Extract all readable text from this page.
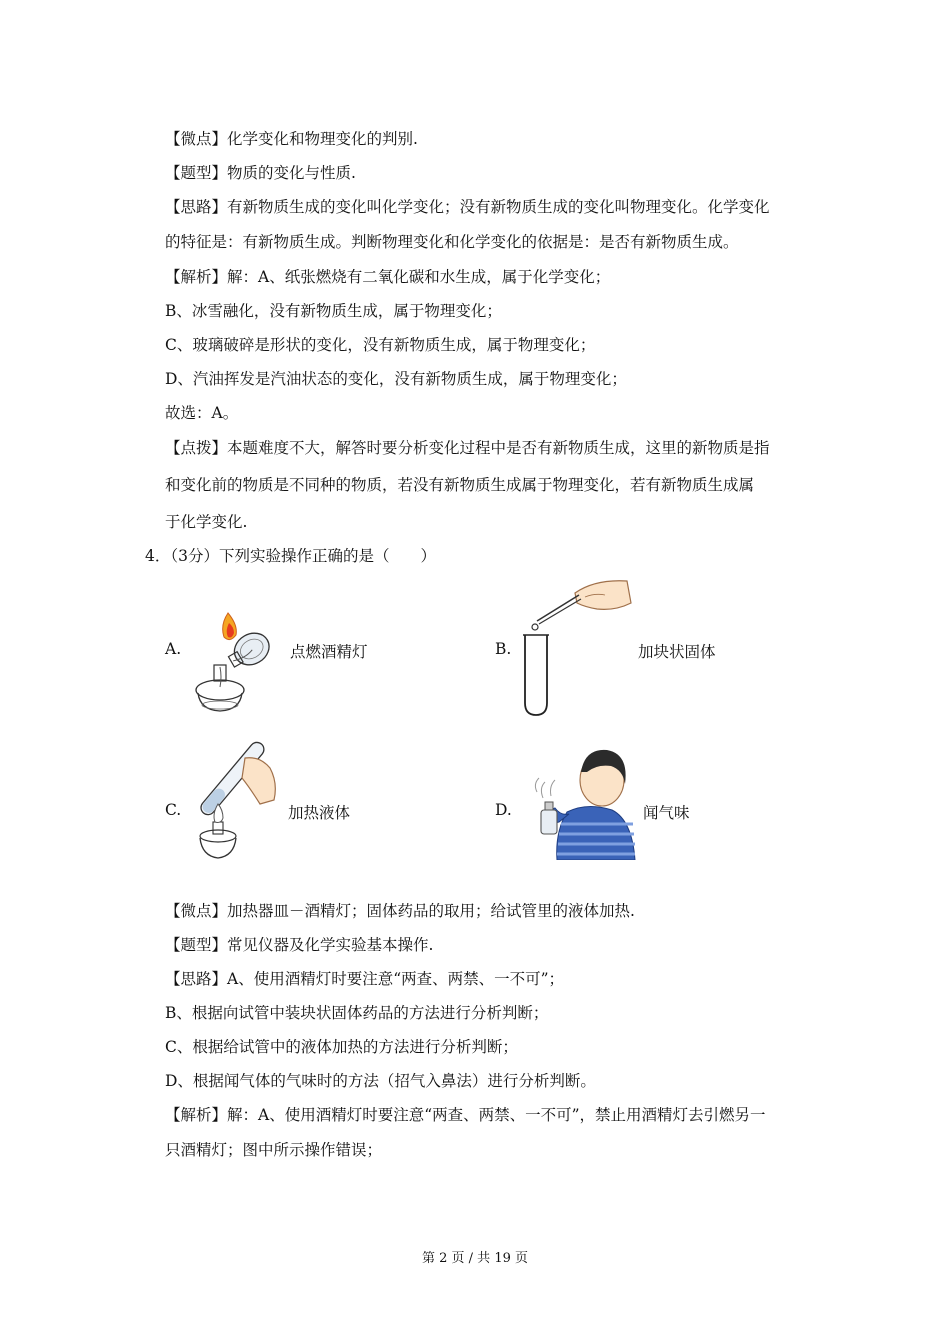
【微点】化学变化和物理变化的判别.
【题型】物质的变化与性质.
【思路】有新物质生成的变化叫化学变化；没有新物质生成的变化叫物理变化。化学变化
的特征是：有新物质生成。判断物理变化和化学变化的依据是：是否有新物质生成。
【解析】解：A、纸张燃烧有二氧化碳和水生成，属于化学变化；
B、冰雪融化，没有新物质生成，属于物理变化；
C、玻璃破碎是形状的变化，没有新物质生成，属于物理变化；
D、汽油挥发是汽油状态的变化，没有新物质生成，属于物理变化；
故选：A。
【点拨】本题难度不大，解答时要分析变化过程中是否有新物质生成，这里的新物质是指
和变化前的物质是不同种的物质，若没有新物质生成属于物理变化，若有新物质生成属
于化学变化.
4．（3分）下列实验操作正确的是（　　）
A.	点燃酒精灯	B.	加块状固体
C.	加热液体	D.	闻气味
【微点】加热器皿－酒精灯；固体药品的取用；给试管里的液体加热.
【题型】常见仪器及化学实验基本操作.
【思路】A、使用酒精灯时要注意“两查、两禁、一不可”；
B、根据向试管中装块状固体药品的方法进行分析判断；
C、根据给试管中的液体加热的方法进行分析判断；
D、根据闻气体的气味时的方法（招气入鼻法）进行分析判断。
【解析】解：A、使用酒精灯时要注意“两查、两禁、一不可”，禁止用酒精灯去引燃另一
只酒精灯；图中所示操作错误；
第 2 页 / 共 19 页
